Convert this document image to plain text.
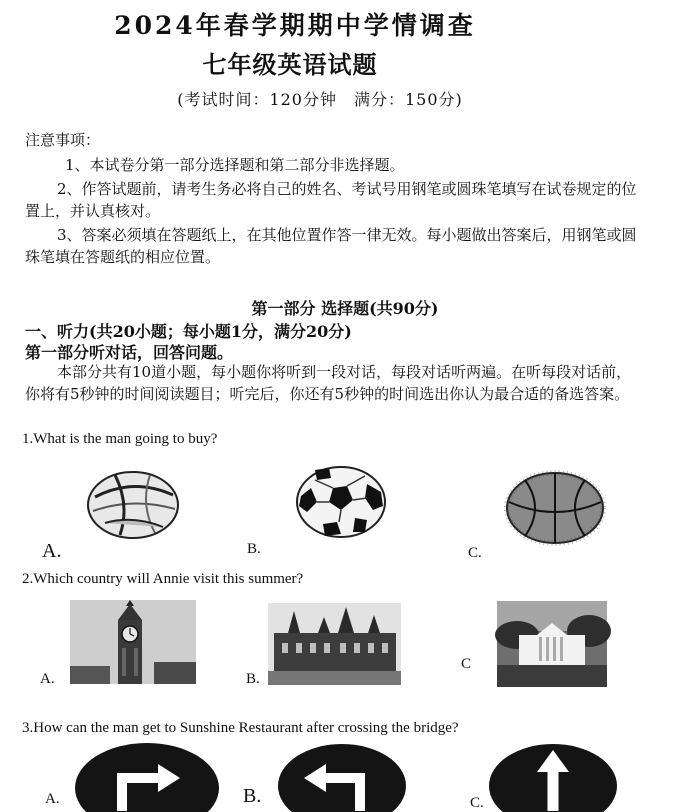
2024年春学期期中学情调查
七年级英语试题
(考试时间：120分钟　满分：150分)
注意事项：
1、本试卷分第一部分选择题和第二部分非选择题。
2、作答试题前，请考生务必将自己的姓名、考试号用钢笔或圆珠笔填写在试卷规定的位置上，并认真核对。
3、答案必须填在答题纸上，在其他位置作答一律无效。每小题做出答案后，用钢笔或圆珠笔填在答题纸的相应位置。
第一部分 选择题(共90分)
一、听力(共20小题；每小题1分，满分20分)
第一部分听对话，回答问题。
本部分共有10道小题，每小题你将听到一段对话，每段对话听两遍。在听每段对话前，你将有5秒钟的时间阅读题目；听完后，你还有5秒钟的时间选出你认为最合适的备选答案。
1.What is the man going to buy?
A.	B.	C.
2.Which country will Annie visit this summer?
A.	B.
C
3.How can the man get to Sunshine Restaurant after crossing the bridge?
A.	B.	C.
